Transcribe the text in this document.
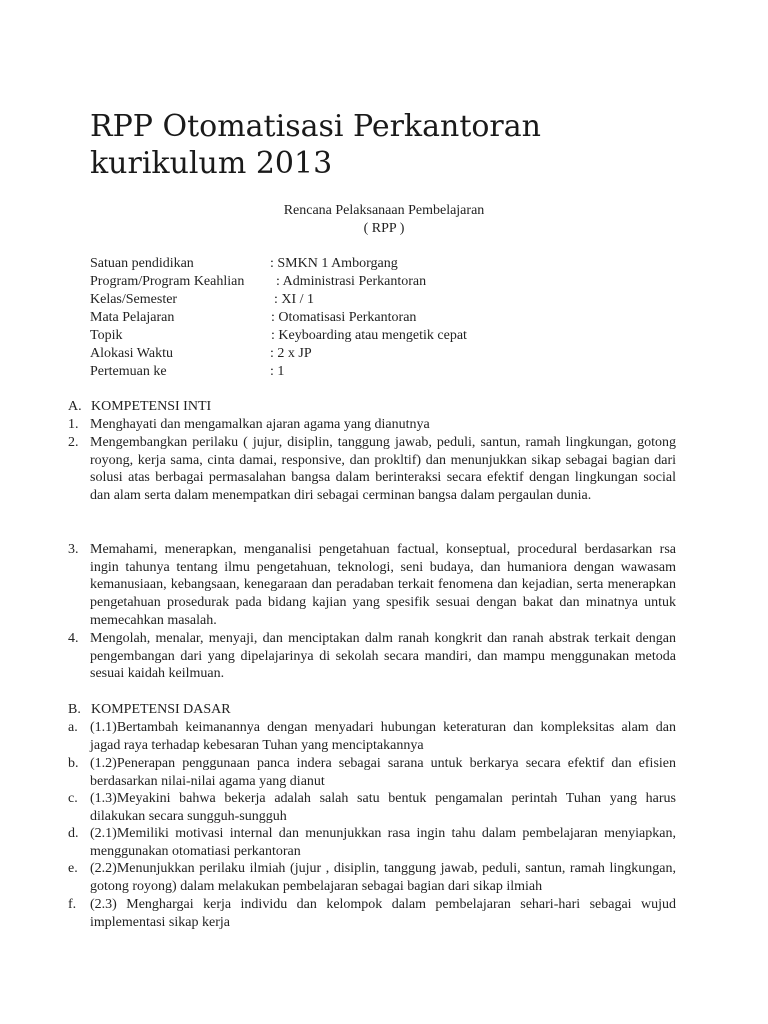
RPP Otomatisasi Perkantoran kurikulum 2013
Rencana Pelaksanaan Pembelajaran
( RPP )
Satuan pendidikan	: SMKN 1 Amborgang
Program/Program Keahlian : Administrasi Perkantoran
Kelas/Semester	: XI / 1
Mata Pelajaran	: Otomatisasi Perkantoran
Topik	: Keyboarding atau mengetik cepat
Alokasi Waktu	: 2 x JP
Pertemuan ke	: 1
A. KOMPETENSI INTI
1. Menghayati dan mengamalkan ajaran agama yang dianutnya
2. Mengembangkan perilaku ( jujur, disiplin, tanggung jawab, peduli, santun, ramah lingkungan, gotong royong, kerja sama, cinta damai, responsive, dan prokltif) dan menunjukkan sikap sebagai bagian dari solusi atas berbagai permasalahan bangsa dalam berinteraksi secara efektif dengan lingkungan social dan alam serta dalam menempatkan diri sebagai cerminan bangsa dalam pergaulan dunia.
3. Memahami, menerapkan, menganalisi pengetahuan factual, konseptual, procedural berdasarkan rsa ingin tahunya tentang ilmu pengetahuan, teknologi, seni budaya, dan humaniora dengan wawasam kemanusiaan, kebangsaan, kenegaraan dan peradaban terkait fenomena dan kejadian, serta menerapkan pengetahuan prosedurak pada bidang kajian yang spesifik sesuai dengan bakat dan minatnya untuk memecahkan masalah.
4. Mengolah, menalar, menyaji, dan menciptakan dalm ranah kongkrit dan ranah abstrak terkait dengan pengembangan dari yang dipelajarinya di sekolah secara mandiri, dan mampu menggunakan metoda sesuai kaidah keilmuan.
B. KOMPETENSI DASAR
a. (1.1)Bertambah keimanannya dengan menyadari hubungan keteraturan dan kompleksitas alam dan jagad raya terhadap kebesaran Tuhan yang menciptakannya
b. (1.2)Penerapan penggunaan panca indera sebagai sarana untuk berkarya secara efektif dan efisien berdasarkan nilai-nilai agama yang dianut
c. (1.3)Meyakini bahwa bekerja adalah salah satu bentuk pengamalan perintah Tuhan yang harus dilakukan secara sungguh-sungguh
d. (2.1)Memiliki motivasi internal dan menunjukkan rasa ingin tahu dalam pembelajaran menyiapkan, menggunakan otomatiasi perkantoran
e. (2.2)Menunjukkan perilaku ilmiah (jujur , disiplin, tanggung jawab, peduli, santun, ramah lingkungan, gotong royong) dalam melakukan pembelajaran sebagai bagian dari sikap ilmiah
f. (2.3) Menghargai kerja individu dan kelompok dalam pembelajaran sehari-hari sebagai wujud implementasi sikap kerja
